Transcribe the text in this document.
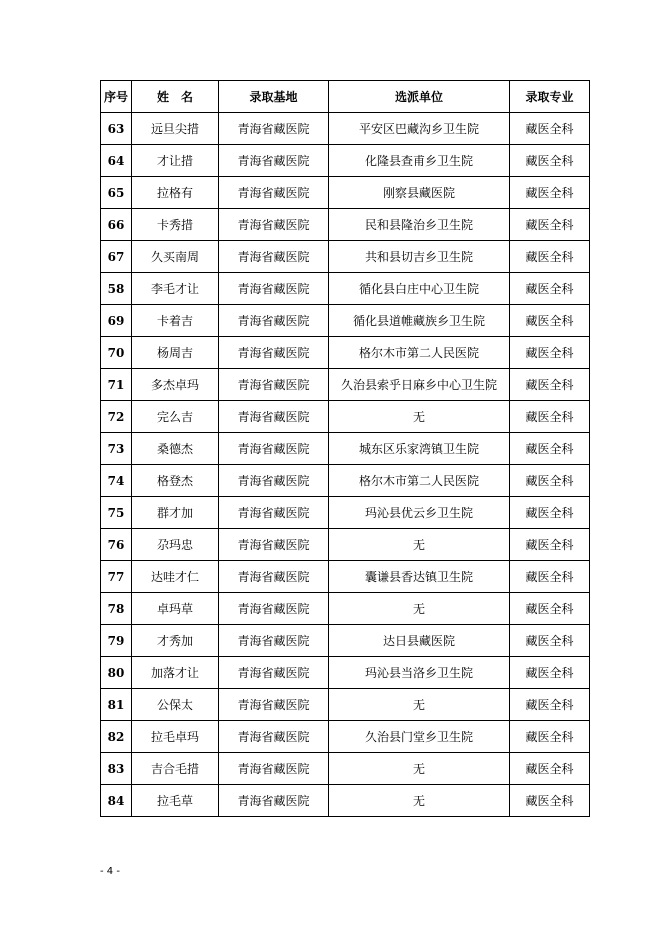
序号	姓　名	录取基地	选派单位	录取专业
63	远旦尖措	青海省藏医院	平安区巴藏沟乡卫生院	藏医全科
64	才让措	青海省藏医院	化隆县查甫乡卫生院	藏医全科
65	拉格有	青海省藏医院	刚察县藏医院	藏医全科
66	卡秀措	青海省藏医院	民和县隆治乡卫生院	藏医全科
67	久买南周	青海省藏医院	共和县切吉乡卫生院	藏医全科
58	李毛才让	青海省藏医院	循化县白庄中心卫生院	藏医全科
69	卡着吉	青海省藏医院	循化县道帷藏族乡卫生院	藏医全科
70	杨周吉	青海省藏医院	格尔木市第二人民医院	藏医全科
71	多杰卓玛	青海省藏医院	久治县索乎日麻乡中心卫生院	藏医全科
72	完么吉	青海省藏医院	无	藏医全科
73	桑德杰	青海省藏医院	城东区乐家湾镇卫生院	藏医全科
74	格登杰	青海省藏医院	格尔木市第二人民医院	藏医全科
75	群才加	青海省藏医院	玛沁县优云乡卫生院	藏医全科
76	尕玛忠	青海省藏医院	无	藏医全科
77	达哇才仁	青海省藏医院	囊谦县香达镇卫生院	藏医全科
78	卓玛草	青海省藏医院	无	藏医全科
79	才秀加	青海省藏医院	达日县藏医院	藏医全科
80	加落才让	青海省藏医院	玛沁县当洛乡卫生院	藏医全科
81	公保太	青海省藏医院	无	藏医全科
82	拉毛卓玛	青海省藏医院	久治县门堂乡卫生院	藏医全科
83	吉合毛措	青海省藏医院	无	藏医全科
84	拉毛草	青海省藏医院	无	藏医全科
- 4 -
